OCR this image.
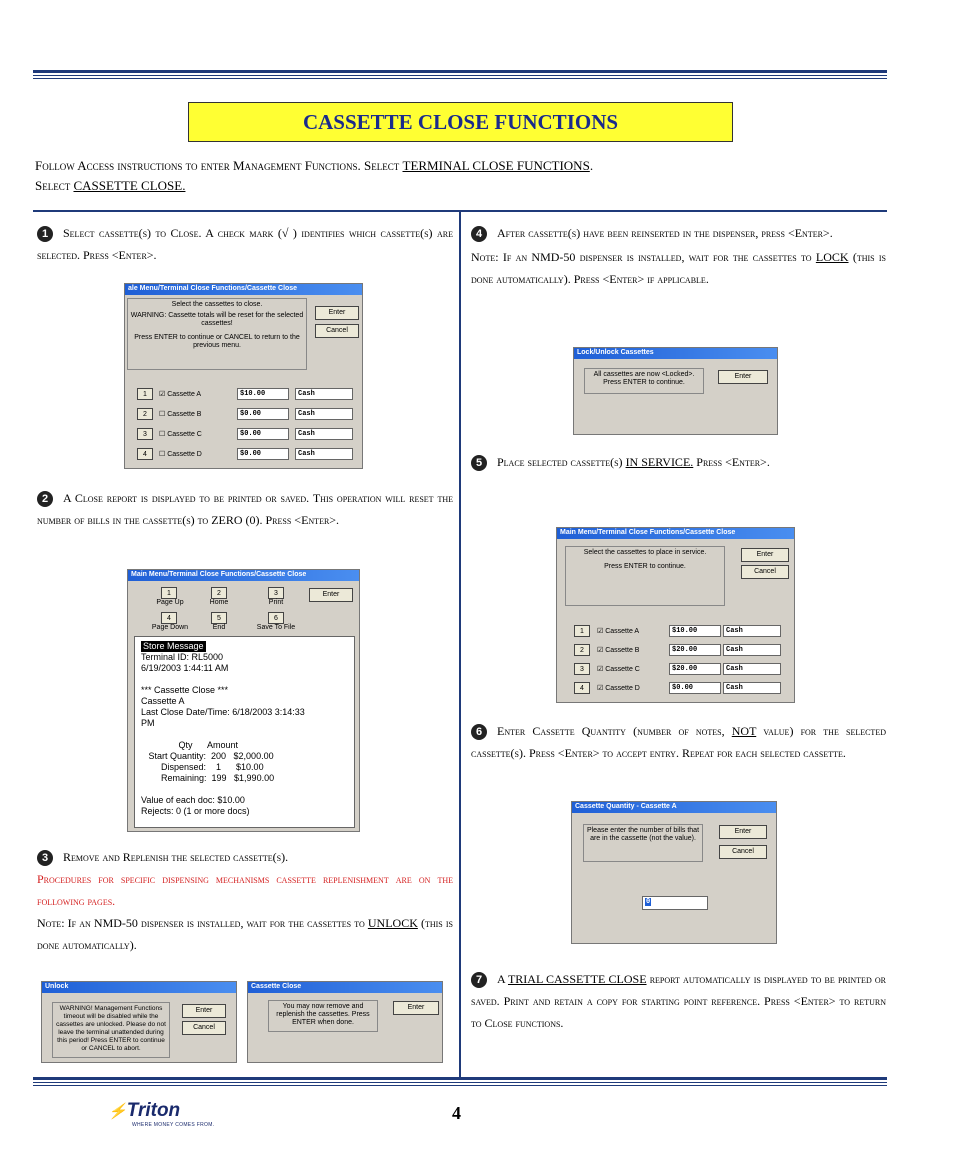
CASSETTE CLOSE FUNCTIONS
Follow Access instructions to enter Management Functions. Select TERMINAL CLOSE FUNCTIONS.
Select CASSETTE CLOSE.
1 Select cassette(s) to Close. A check mark (√ ) identifies which cassette(s) are selected. Press <Enter>.
ale Menu/Terminal Close Functions/Cassette Close
Select the cassettes to close.
WARNING: Cassette totals will be reset for the selected cassettes!
Press ENTER to continue or CANCEL to return to the previous menu.
Enter
Cancel
1	☑ Cassette A	$10.00	Cash
2	☐ Cassette B	$0.00	Cash
3	☐ Cassette C	$0.00	Cash
4	☐ Cassette D	$0.00	Cash
2 A Close report is displayed to be printed or saved. This operation will reset the number of bills in the cassette(s) to ZERO (0). Press <Enter>.
Main Menu/Terminal Close Functions/Cassette Close
1
Page Up
2
Home
3
Print
Enter
4
Page Down
5
End
6
Save To File
Store Message

Terminal ID: RL5000
6/19/2003 1:44:11 AM
*** Cassette Close ***
Cassette A
Last Close Date/Time: 6/18/2003 3:14:33
PM
Qty      Amount
Start Quantity:  200   $2,000.00
Dispensed:    1      $10.00
Remaining:  199   $1,990.00
Value of each doc: $10.00
Rejects: 0 (1 or more docs)
3 Remove and Replenish the selected cassette(s).
Procedures for specific dispensing mechanisms cassette replenishment are on the following pages.
Note: If an NMD-50 dispenser is installed, wait for the cassettes to UNLOCK (this is done automatically).
Unlock
WARNING! Management Functions timeout will be disabled while the cassettes are unlocked. Please do not leave the terminal unattended during this period! Press ENTER to continue or CANCEL to abort.
Enter
Cancel
Cassette Close
You may now remove and replenish the cassettes. Press ENTER when done.
Enter
4 After cassette(s) have been reinserted in the dispenser, press <Enter>.
Note: If an NMD-50 dispenser is installed, wait for the cassettes to LOCK (this is done automatically). Press <Enter> if applicable.
Lock/Unlock Cassettes
All cassettes are now <Locked>. Press ENTER to continue.
Enter
5 Place selected cassette(s) IN SERVICE. Press <Enter>.
Main Menu/Terminal Close Functions/Cassette Close
Select the cassettes to place in service.
Press ENTER to continue.
Enter
Cancel
1	☑ Cassette A	$10.00	Cash
2	☑ Cassette B	$20.00	Cash
3	☑ Cassette C	$20.00	Cash
4	☑ Cassette D	$0.00	Cash
6 Enter Cassette Quantity (number of notes, NOT value) for the selected cassette(s). Press <Enter> to accept entry. Repeat for each selected cassette.
Cassette Quantity - Cassette A
Please enter the number of bills that are in the cassette (not the value).
Enter
Cancel
0
7 A TRIAL CASSETTE CLOSE report automatically is displayed to be printed or saved. Print and retain a copy for starting point reference. Press <Enter> to return to Close functions.
⚡Triton
WHERE MONEY COMES FROM.
4
